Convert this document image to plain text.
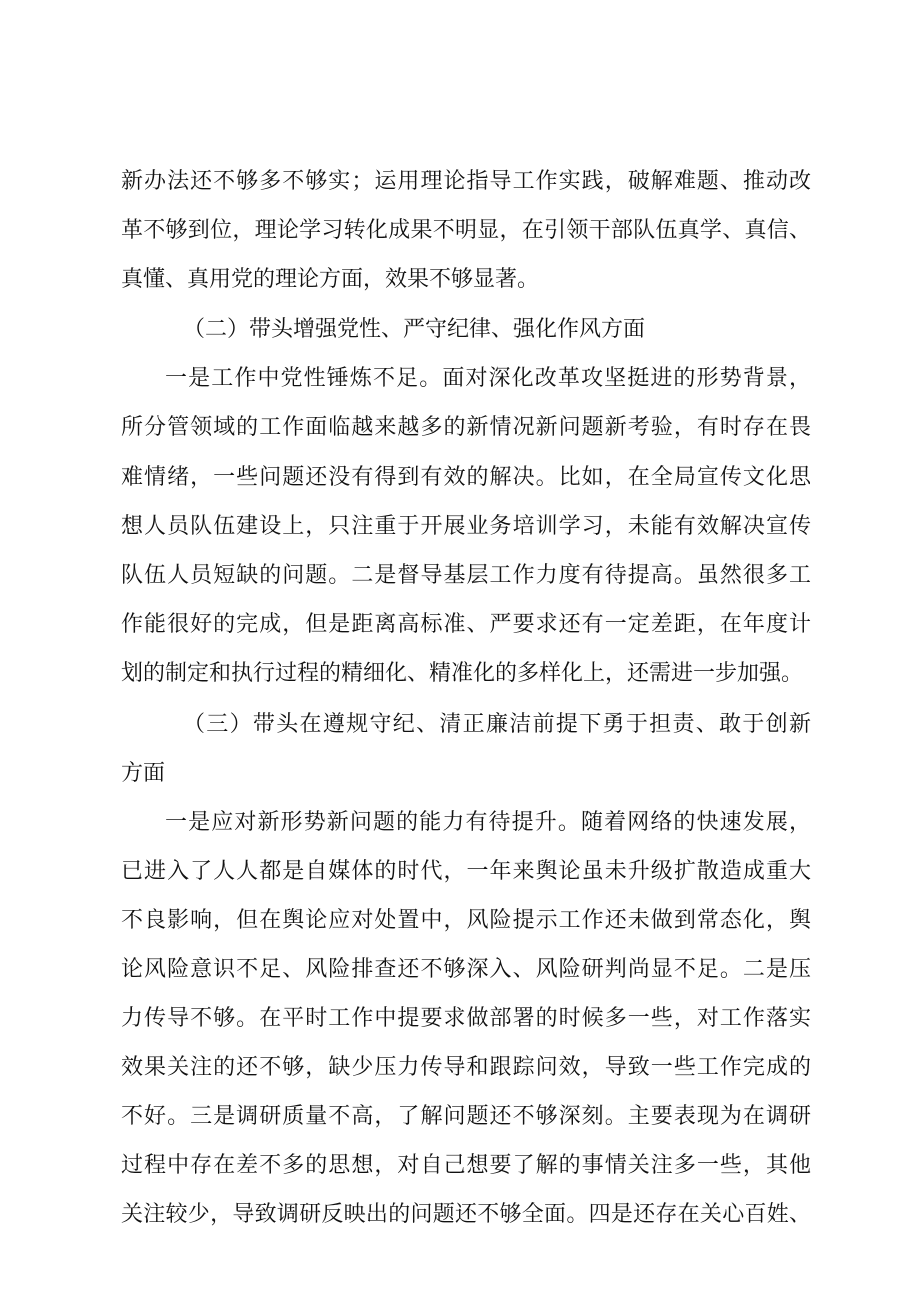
新办法还不够多不够实；运用理论指导工作实践，破解难题、推动改
革不够到位，理论学习转化成果不明显，在引领干部队伍真学、真信、
真懂、真用党的理论方面，效果不够显著。
（二）带头增强党性、严守纪律、强化作风方面
一是工作中党性锤炼不足。面对深化改革攻坚挺进的形势背景，
所分管领域的工作面临越来越多的新情况新问题新考验，有时存在畏
难情绪，一些问题还没有得到有效的解决。比如，在全局宣传文化思
想人员队伍建设上，只注重于开展业务培训学习，未能有效解决宣传
队伍人员短缺的问题。二是督导基层工作力度有待提高。虽然很多工
作能很好的完成，但是距离高标准、严要求还有一定差距，在年度计
划的制定和执行过程的精细化、精准化的多样化上，还需进一步加强。
（三）带头在遵规守纪、清正廉洁前提下勇于担责、敢于创新
方面
一是应对新形势新问题的能力有待提升。随着网络的快速发展，
已进入了人人都是自媒体的时代，一年来舆论虽未升级扩散造成重大
不良影响，但在舆论应对处置中，风险提示工作还未做到常态化，舆
论风险意识不足、风险排查还不够深入、风险研判尚显不足。二是压
力传导不够。在平时工作中提要求做部署的时候多一些，对工作落实
效果关注的还不够，缺少压力传导和跟踪问效，导致一些工作完成的
不好。三是调研质量不高，了解问题还不够深刻。主要表现为在调研
过程中存在差不多的思想，对自己想要了解的事情关注多一些，其他
关注较少，导致调研反映出的问题还不够全面。四是还存在关心百姓、
